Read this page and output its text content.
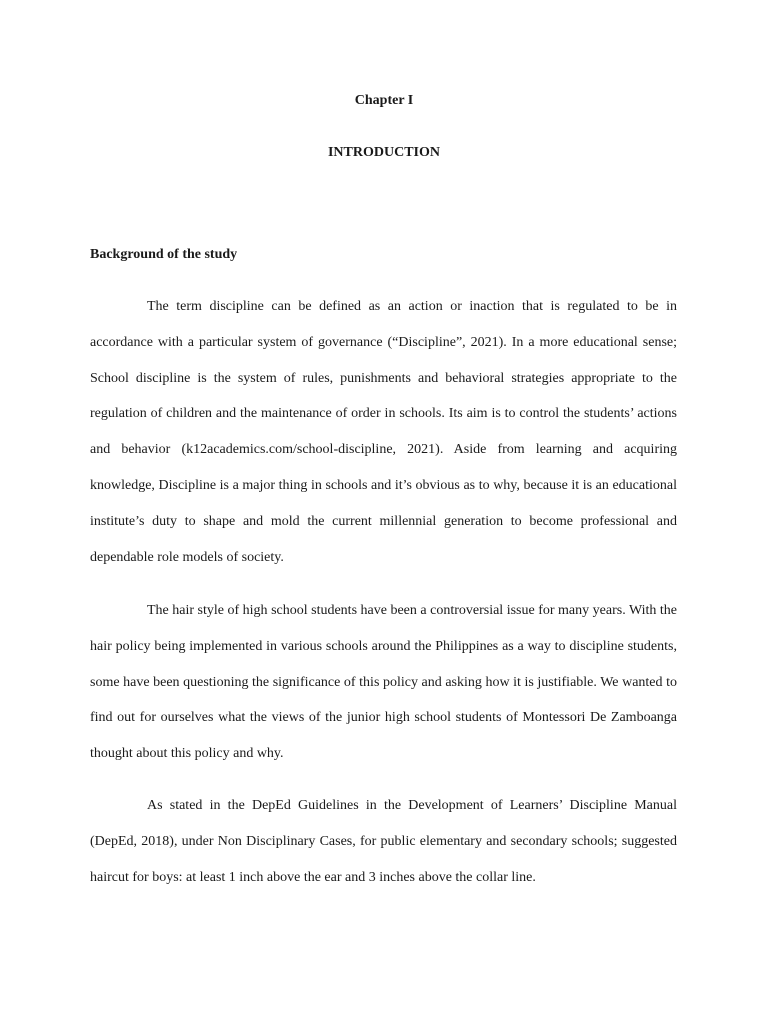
Chapter I
INTRODUCTION
Background of the study

The term discipline can be defined as an action or inaction that is regulated to be in accordance with a particular system of governance (“Discipline”, 2021). In a more educational sense; School discipline is the system of rules, punishments and behavioral strategies appropriate to the regulation of children and the maintenance of order in schools. Its aim is to control the students’ actions and behavior (k12academics.com/school-discipline, 2021). Aside from learning and acquiring knowledge, Discipline is a major thing in schools and it’s obvious as to why, because it is an educational institute’s duty to shape and mold the current millennial generation to become professional and dependable role models of society.

The hair style of high school students have been a controversial issue for many years. With the hair policy being implemented in various schools around the Philippines as a way to discipline students, some have been questioning the significance of this policy and asking how it is justifiable. We wanted to find out for ourselves what the views of the junior high school students of Montessori De Zamboanga thought about this policy and why.

As stated in the DepEd Guidelines in the Development of Learners’ Discipline Manual (DepEd, 2018), under Non Disciplinary Cases, for public elementary and secondary schools; suggested haircut for boys: at least 1 inch above the ear and 3 inches above the collar line.
